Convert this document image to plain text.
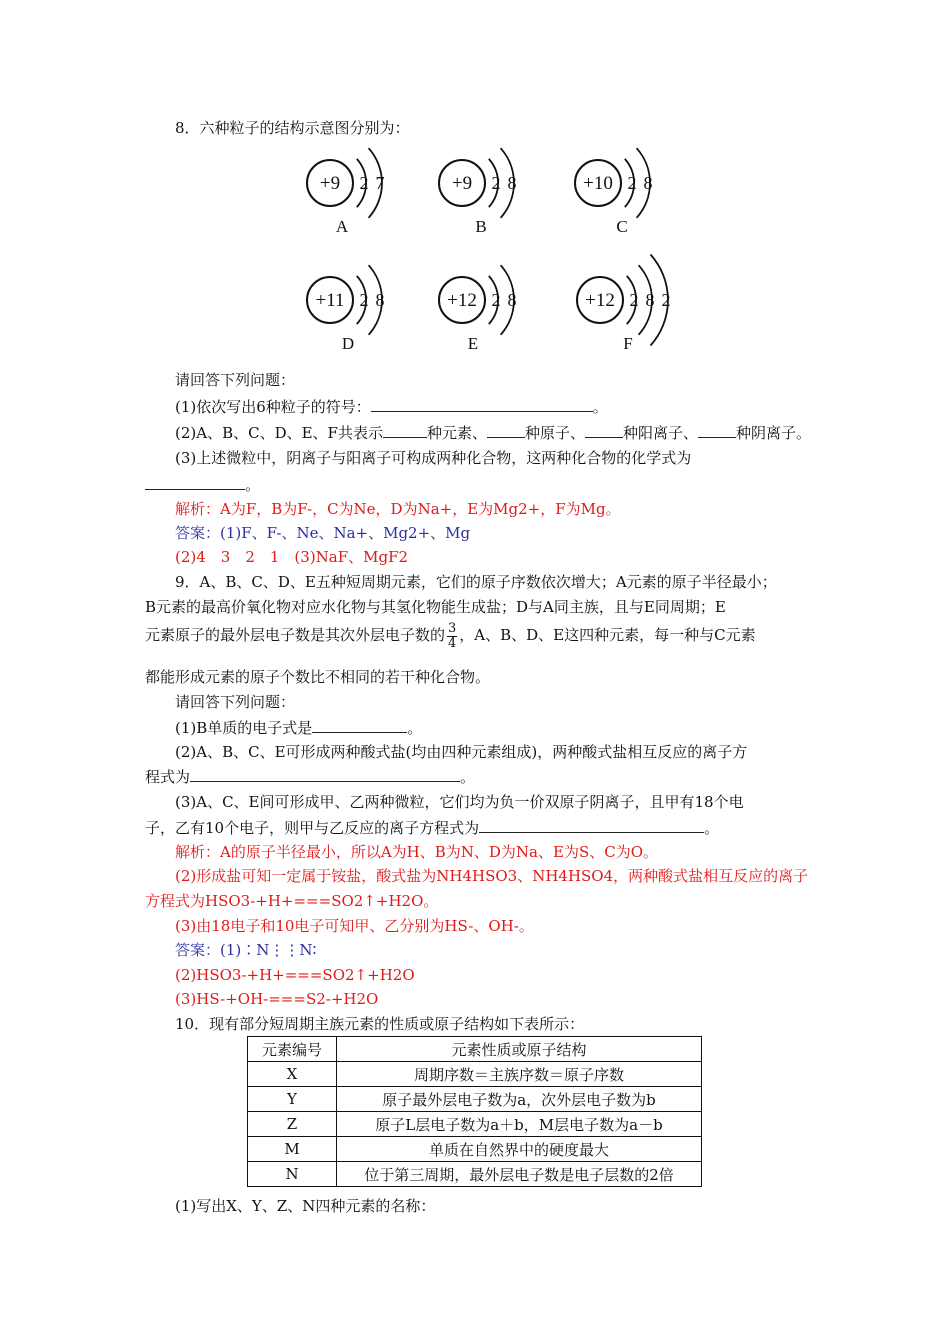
8．六种粒子的结构示意图分别为：
+9 2 7
A
+9 2 8
B
+10 2 8
C
+11 2 8
D
+12 2 8
E
+12 2 8 2
F
请回答下列问题：
(1)依次写出6种粒子的符号：	。
(2)A、B、C、D、E、F共表示	种元素、	种原子、	种阳离子、	种阴离子。
(3)上述微粒中，阴离子与阳离子可构成两种化合物，这两种化合物的化学式为
。
解析：A为F，B为F-，C为Ne，D为Na+，E为Mg2+，F为Mg。
答案：(1)F、F-、Ne、Na+、Mg2+、Mg
(2)4　3　2　1　(3)NaF、MgF2
9．A、B、C、D、E五种短周期元素，它们的原子序数依次增大；A元素的原子半径最小；
B元素的最高价氧化物对应水化物与其氢化物能生成盐；D与A同主族，且与E同周期；E
元素原子的最外层电子数是其次外层电子数的 $\frac{3}{4}$ ，A、B、D、E这四种元素，每一种与C元素
都能形成元素的原子个数比不相同的若干种化合物。
请回答下列问题：
(1)B单质的电子式是	。
(2)A、B、C、E可形成两种酸式盐(均由四种元素组成)，两种酸式盐相互反应的离子方
程式为	。
(3)A、C、E间可形成甲、乙两种微粒，它们均为负一价双原子阴离子，且甲有18个电
子，乙有10个电子，则甲与乙反应的离子方程式为	。
解析：A的原子半径最小，所以A为H、B为N、D为Na、E为S、C为O。
(2)形成盐可知一定属于铵盐，酸式盐为NH4HSO3、NH4HSO4，两种酸式盐相互反应的离子
方程式为HSO3-+H+===SO2↑+H2O。
(3)由18电子和10电子可知甲、乙分别为HS-、OH-。
答案：(1)∶N⋮⋮N∶
(2)HSO3-+H+===SO2↑+H2O
(3)HS-+OH-===S2-+H2O
10．现有部分短周期主族元素的性质或原子结构如下表所示：
元素编号	元素性质或原子结构
X	周期序数＝主族序数＝原子序数
Y	原子最外层电子数为a，次外层电子数为b
Z	原子L层电子数为a＋b，M层电子数为a－b
M	单质在自然界中的硬度最大
N	位于第三周期，最外层电子数是电子层数的2倍
(1)写出X、Y、Z、N四种元素的名称：
